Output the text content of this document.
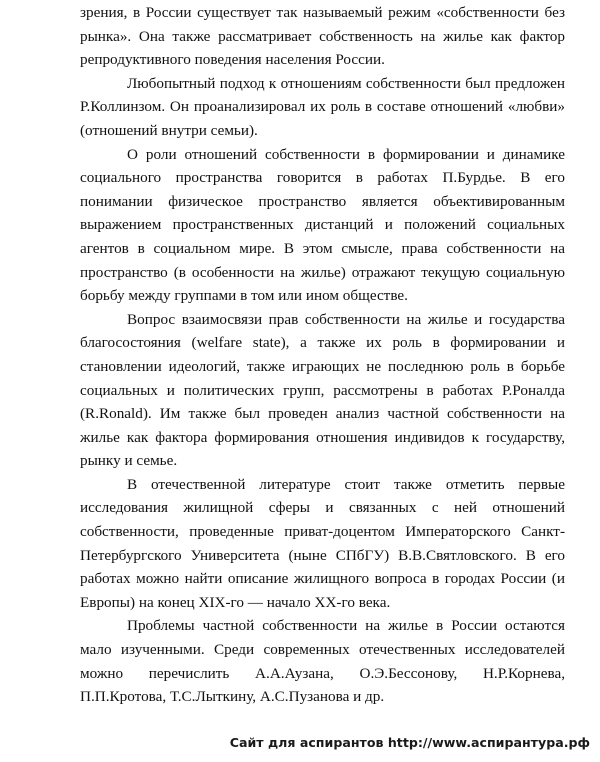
зрения, в России существует так называемый режим «собственности без рынка». Она также рассматривает собственность на жилье как фактор репродуктивного поведения населения России.

Любопытный подход к отношениям собственности был предложен Р.Коллинзом. Он проанализировал их роль в составе отношений «любви» (отношений внутри семьи).

О роли отношений собственности в формировании и динамике социального пространства говорится в работах П.Бурдье. В его понимании физическое пространство является объективированным выражением пространственных дистанций и положений социальных агентов в социальном мире. В этом смысле, права собственности на пространство (в особенности на жилье) отражают текущую социальную борьбу между группами в том или ином обществе.

Вопрос взаимосвязи прав собственности на жилье и государства благосостояния (welfare state), а также их роль в формировании и становлении идеологий, также играющих не последнюю роль в борьбе социальных и политических групп, рассмотрены в работах Р.Роналда (R.Ronald). Им также был проведен анализ частной собственности на жилье как фактора формирования отношения индивидов к государству, рынку и семье.

В отечественной литературе стоит также отметить первые исследования жилищной сферы и связанных с ней отношений собственности, проведенные приват-доцентом Императорского Санкт-Петербургского Университета (ныне СПбГУ) В.В.Святловского. В его работах можно найти описание жилищного вопроса в городах России (и Европы) на конец XIX-го — начало XX-го века.

Проблемы частной собственности на жилье в России остаются мало изученными. Среди современных отечественных исследователей можно перечислить А.А.Аузана, О.Э.Бессонову, Н.Р.Корнева, П.П.Кротова, Т.С.Лыткину, А.С.Пузанова и др.

Сайт для аспирантов http://www.аспирантура.рф
